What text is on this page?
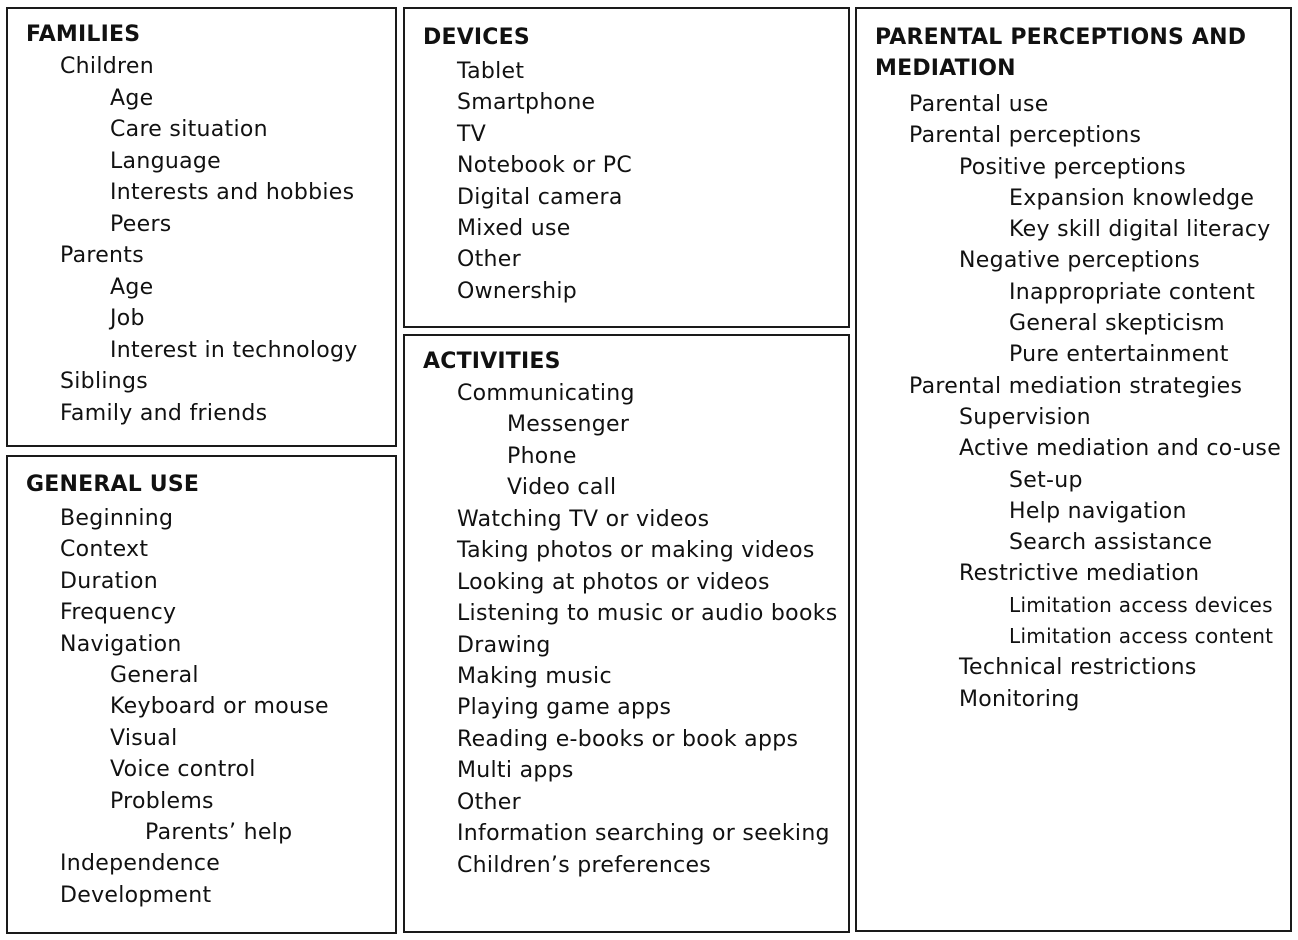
FAMILIES
Children
Age
Care situation
Language
Interests and hobbies
Peers
Parents
Age
Job
Interest in technology
Siblings
Family and friends
GENERAL USE
Beginning
Context
Duration
Frequency
Navigation
General
Keyboard or mouse
Visual
Voice control
Problems
Parents’ help
Independence
Development
DEVICES
Tablet
Smartphone
TV
Notebook or PC
Digital camera
Mixed use
Other
Ownership
ACTIVITIES
Communicating
Messenger
Phone
Video call
Watching TV or videos
Taking photos or making videos
Looking at photos or videos
Listening to music or audio books
Drawing
Making music
Playing game apps
Reading e-books or book apps
Multi apps
Other
Information searching or seeking
Children’s preferences
PARENTAL PERCEPTIONS AND
MEDIATION
Parental use
Parental perceptions
Positive perceptions
Expansion knowledge
Key skill digital literacy
Negative perceptions
Inappropriate content
General skepticism
Pure entertainment
Parental mediation strategies
Supervision
Active mediation and co-use
Set-up
Help navigation
Search assistance
Restrictive mediation
Limitation access devices
Limitation access content
Technical restrictions
Monitoring
